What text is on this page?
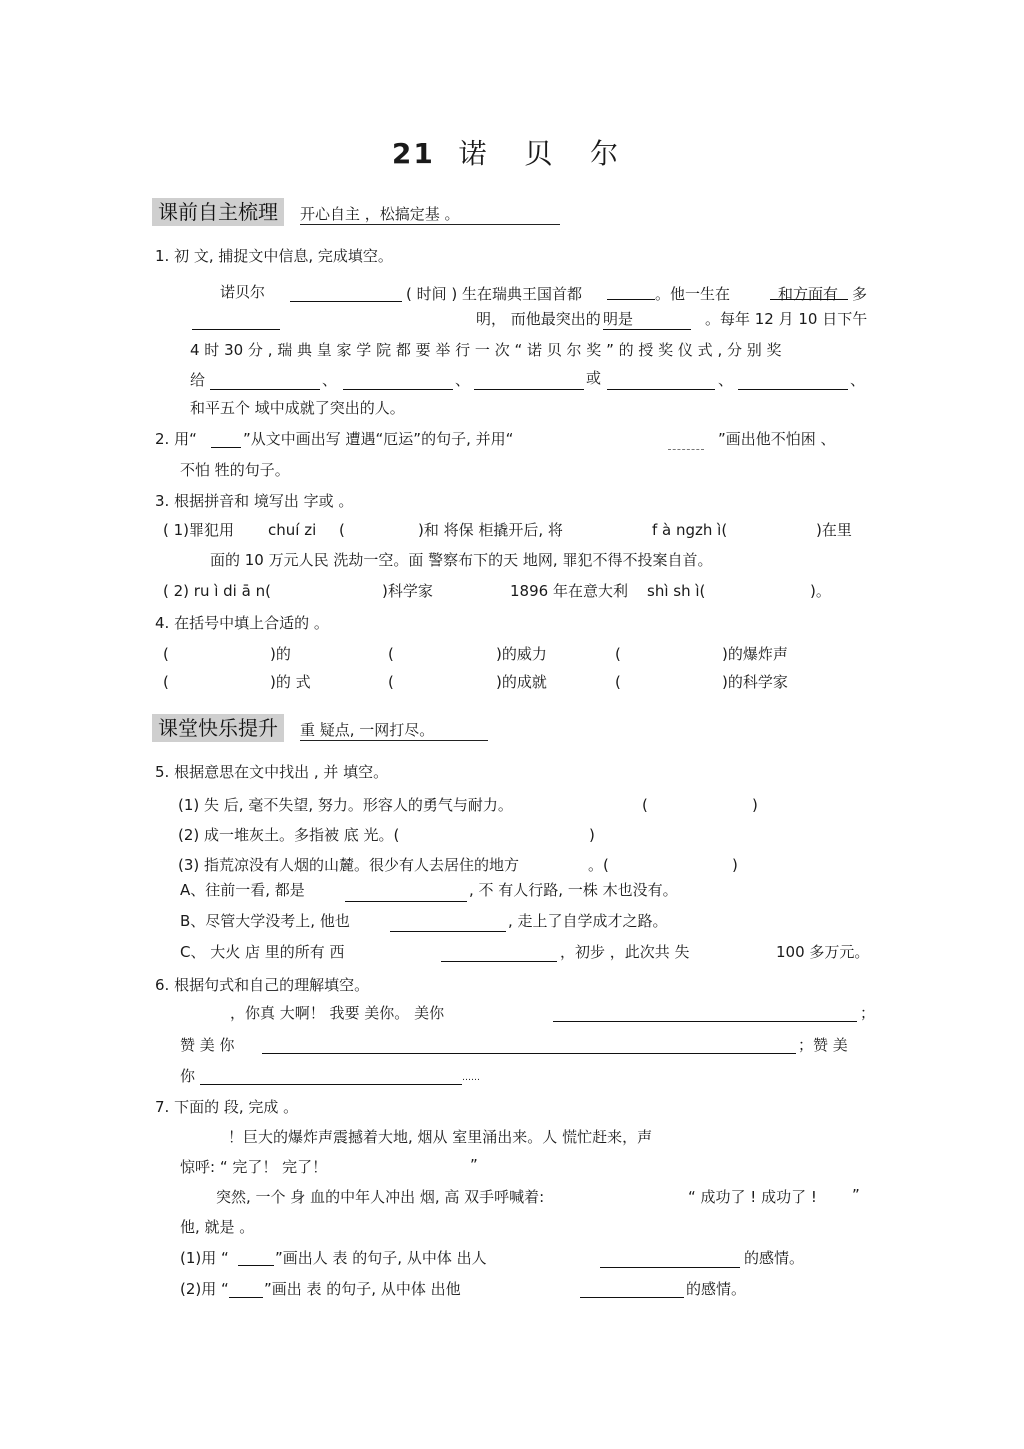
21 诺 贝 尔
课前自主梳理	开心自主 ，松搞定基 。
1. 初 文, 捕捉文中信息, 完成填空。
诺贝尔	( 时间 ) 生在瑞典王国首都	。他一生在	和方面有 多
明， 而他最突出的 明是	。每年 12 月 10 日下午
4 时 30 分 , 瑞 典 皇 家 学 院 都 要 举 行 一 次 “ 诺 贝 尔 奖 ” 的 授 奖 仪 式 , 分 别 奖
给	、	、	或	、	、
和平五个 域中成就了突出的人。
2. 用“	”从文中画出写 遭遇“厄运”的句子, 并用“	”画出他不怕困 、
不怕 牲的句子。
3. 根据拼音和 境写出 字或 。
( 1)罪犯用 chuí zi (	)和 将保 柜撬开后, 将	f à ngzh ì(	)在里
面的 10 万元人民 洗劫一空。面 警察布下的天 地网, 罪犯不得不投案自首。
( 2) ru ì di ā n(	)科学家	1896 年在意大利 shì sh ì(	)。
4. 在括号中填上合适的 。
(	)的	(	)的威力	(	)的爆炸声
(	)的 式	(	)的成就	(	)的科学家
课堂快乐提升	重 疑点, 一网打尽。
5. 根据意思在文中找出 , 并 填空。
(1) 失 后, 毫不失望, 努力。形容人的勇气与耐力。	(	)
(2) 成一堆灰土。多指被 底 光。(	)
(3) 指荒凉没有人烟的山麓。很少有人去居住的地方	。(	)
A、往前一看, 都是	, 不 有人行路, 一株 木也没有。
B、尽管大学没考上, 他也	, 走上了自学成才之路。
C、 大火 店 里的所有 西	，初步 ，此次共 失	100 多万元。
6. 根据句式和自己的理解填空。
，你真 大啊！ 我要 美你。 美你	；
赞 美 你	；赞 美
你	……
7. 下面的 段, 完成 。
！巨大的爆炸声震撼着大地, 烟从 室里涌出来。人 慌忙赶来，声
惊呼: “ 完了！ 完了！	”
突然, 一个 身 血的中年人冲出 烟, 高 双手呼喊着:	“ 成功了 ! 成功了 ! ”
他, 就是 。
(1)用 “	”画出人 表 的句子, 从中体 出人	的感情。
(2)用 “ ”画出 表 的句子, 从中体 出他	的感情。
